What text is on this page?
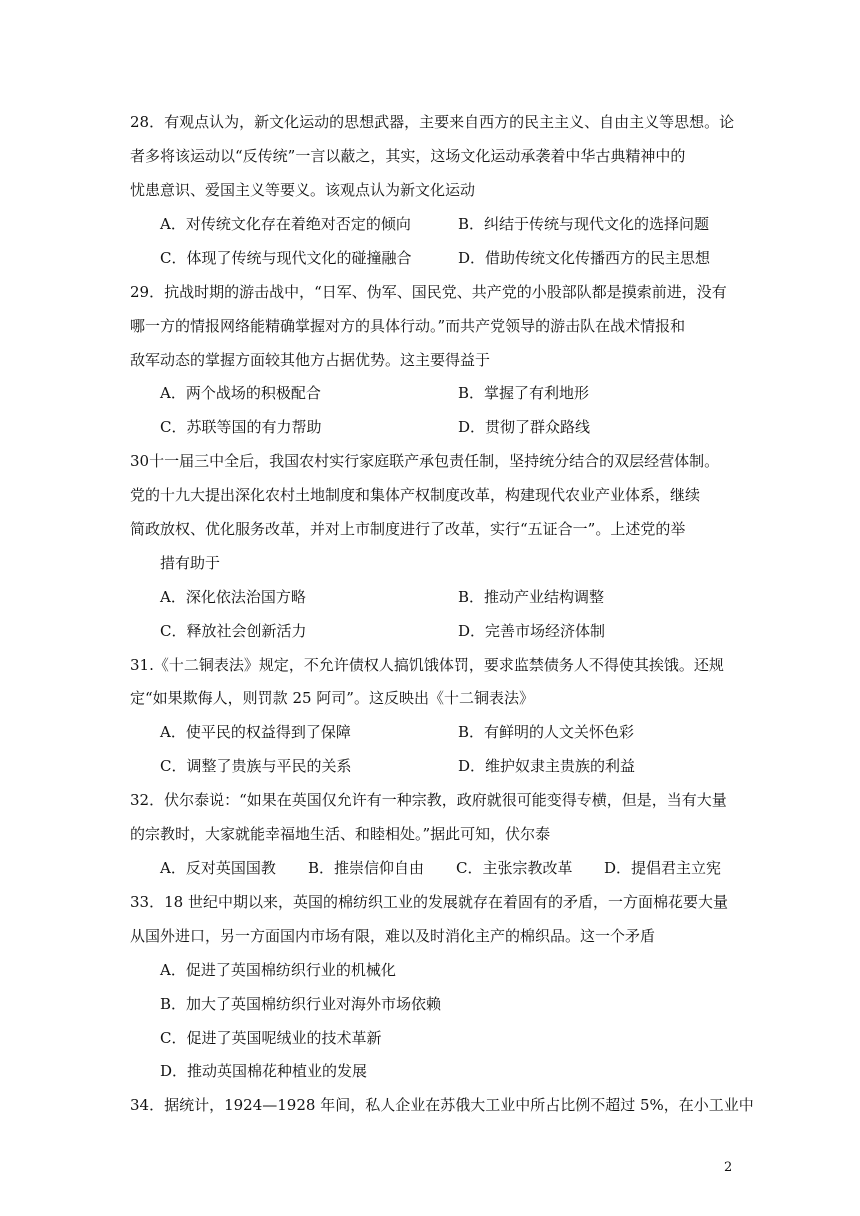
28．有观点认为，新文化运动的思想武器，主要来自西方的民主主义、自由主义等思想。论
者多将该运动以“反传统”一言以蔽之，其实，这场文化运动承袭着中华古典精神中的
忧患意识、爱国主义等要义。该观点认为新文化运动
A．对传统文化存在着绝对否定的倾向	B．纠结于传统与现代文化的选择问题
C．体现了传统与现代文化的碰撞融合	D．借助传统文化传播西方的民主思想
29．抗战时期的游击战中，“日军、伪军、国民党、共产党的小股部队都是摸索前进，没有
哪一方的情报网络能精确掌握对方的具体行动。”而共产党领导的游击队在战术情报和
敌军动态的掌握方面较其他方占据优势。这主要得益于
A．两个战场的积极配合	B．掌握了有利地形
C．苏联等国的有力帮助	D．贯彻了群众路线
30十一届三中全后，我国农村实行家庭联产承包责任制，坚持统分结合的双层经营体制。
党的十九大提出深化农村土地制度和集体产权制度改革，构建现代农业产业体系，继续
简政放权、优化服务改革，并对上市制度进行了改革，实行“五证合一”。上述党的举
措有助于
A．深化依法治国方略	B．推动产业结构调整
C．释放社会创新活力	D．完善市场经济体制
31.《十二铜表法》规定，不允许债权人搞饥饿体罚，要求监禁债务人不得使其挨饿。还规
定“如果欺侮人，则罚款 25 阿司”。这反映出《十二铜表法》
A．使平民的权益得到了保障	B．有鲜明的人文关怀色彩
C．调整了贵族与平民的关系	D．维护奴隶主贵族的利益
32．伏尔泰说：“如果在英国仅允许有一种宗教，政府就很可能变得专横，但是，当有大量
的宗教时，大家就能幸福地生活、和睦相处。”据此可知，伏尔泰
A．反对英国国教 B．推崇信仰自由 C．主张宗教改革 D．提倡君主立宪
33．18 世纪中期以来，英国的棉纺织工业的发展就存在着固有的矛盾，一方面棉花要大量
从国外进口，另一方面国内市场有限，难以及时消化主产的棉织品。这一个矛盾
A．促进了英国棉纺织行业的机械化
B．加大了英国棉纺织行业对海外市场依赖
C．促进了英国呢绒业的技术革新
D．推动英国棉花种植业的发展
34．据统计，1924—1928 年间，私人企业在苏俄大工业中所占比例不超过 5%，在小工业中
2
